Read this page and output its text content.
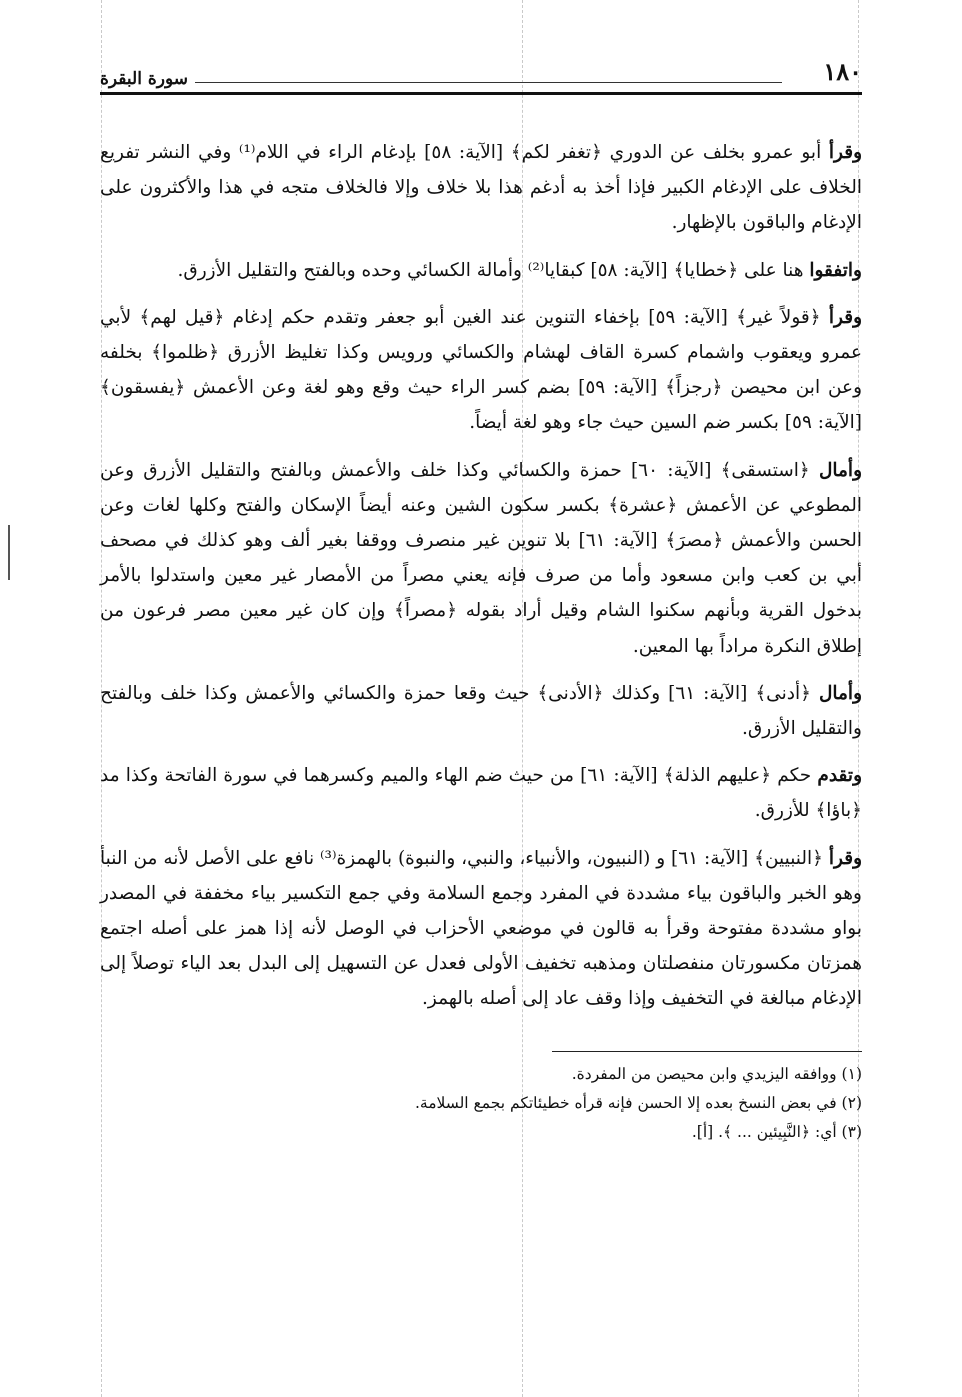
١٨٠
سورة البقرة

وقرأ أبو عمرو بخلف عن الدوري ﴿تغفر لكم﴾ [الآية: ٥٨] بإدغام الراء في اللام⁽¹⁾ وفي النشر تفريع الخلاف على الإدغام الكبير فإذا أخذ به أدغم هذا بلا خلاف وإلا فالخلاف متجه في هذا والأكثرون على الإدغام والباقون بالإظهار.

واتفقوا هنا على ﴿خطايا﴾ [الآية: ٥٨] كبقايا⁽²⁾ وأمالة الكسائي وحده وبالفتح والتقليل الأزرق.

وقرأ ﴿قولاً غير﴾ [الآية: ٥٩] بإخفاء التنوين عند الغين أبو جعفر وتقدم حكم إدغام ﴿قيل لهم﴾ لأبي عمرو ويعقوب واشمام كسرة القاف لهشام والكسائي ورويس وكذا تغليظ الأزرق ﴿ظلموا﴾ بخلفه وعن ابن محيصن ﴿رجزاً﴾ [الآية: ٥٩] بضم كسر الراء حيث وقع وهو لغة وعن الأعمش ﴿يفسقون﴾ [الآية: ٥٩] بكسر ضم السين حيث جاء وهو لغة أيضاً.

وأمال ﴿استسقى﴾ [الآية: ٦٠] حمزة والكسائي وكذا خلف والأعمش وبالفتح والتقليل الأزرق وعن المطوعي عن الأعمش ﴿عشرة﴾ بكسر سكون الشين وعنه أيضاً الإسكان والفتح وكلها لغات وعن الحسن والأعمش ﴿مصرَ﴾ [الآية: ٦١] بلا تنوين غير منصرف ووقفا بغير ألف وهو كذلك في مصحف أبي بن كعب وابن مسعود وأما من صرف فإنه يعني مصراً من الأمصار غير معين واستدلوا بالأمر بدخول القرية وبأنهم سكنوا الشام وقيل أراد بقوله ﴿مصراً﴾ وإن كان غير معين مصر فرعون من إطلاق النكرة مراداً بها المعين.

وأمال ﴿أدنى﴾ [الآية: ٦١] وكذلك ﴿الأدنى﴾ حيث وقعا حمزة والكسائي والأعمش وكذا خلف وبالفتح والتقليل الأزرق.

وتقدم حكم ﴿عليهم الذلة﴾ [الآية: ٦١] من حيث ضم الهاء والميم وكسرهما في سورة الفاتحة وكذا مد ﴿باؤا﴾ للأزرق.

وقرأ ﴿النبيين﴾ [الآية: ٦١] و (النبيون، والأنبياء، والنبي، والنبوة) بالهمزة⁽³⁾ نافع على الأصل لأنه من النبأ وهو الخبر والباقون بياء مشددة في المفرد وجمع السلامة وفي جمع التكسير بياء مخففة في المصدر بواو مشددة مفتوحة وقرأ به قالون في موضعي الأحزاب في الوصل لأنه إذا همز على أصله اجتمع همزتان مكسورتان منفصلتان ومذهبه تخفيف الأولى فعدل عن التسهيل إلى البدل بعد الياء توصلاً إلى الإدغام مبالغة في التخفيف وإذا وقف عاد إلى أصله بالهمز.

(١) ووافقه اليزيدي وابن محيصن من المفردة.

(٢) في بعض النسخ بعده إلا الحسن فإنه قرأه خطيئاتكم بجمع السلامة.

(٣) أي: ﴿النَّبِيئين ... ﴾. [أ].
